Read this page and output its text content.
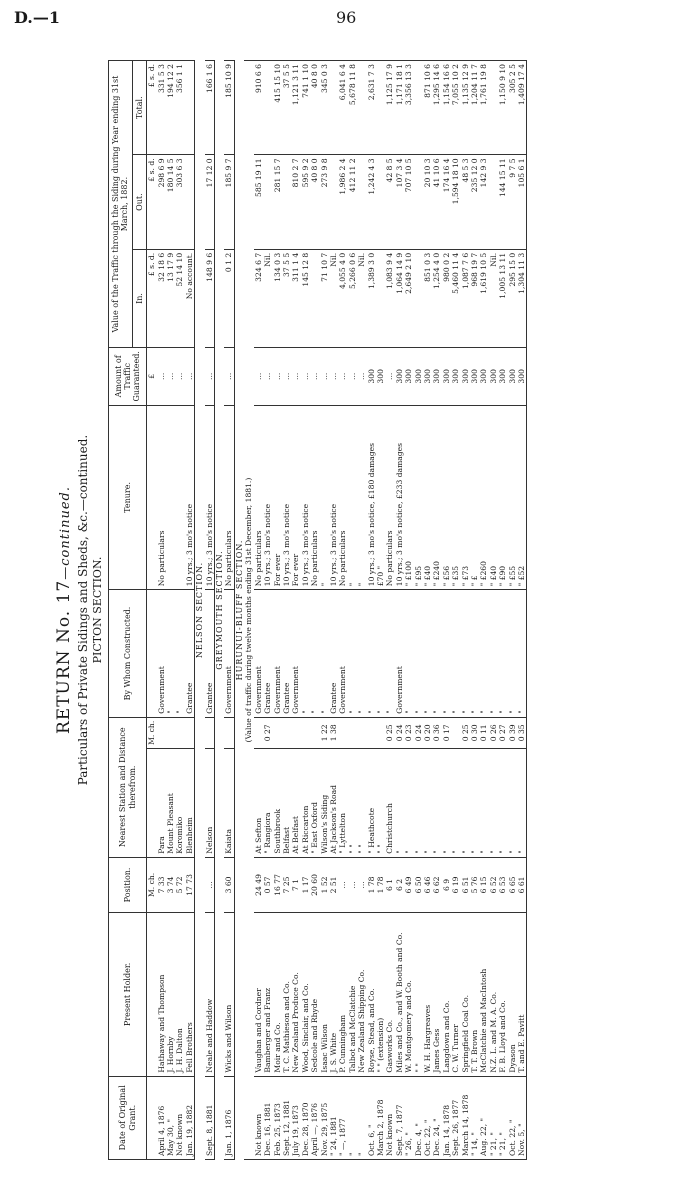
D.—1	96
RETURN No. 17—continued. Particulars of Private Sidings and Sheds, &c.—continued. PICTON SECTION.
Date of Original Grant.	Present Holder.	Position.	Nearest Station and Distance therefrom.		By Whom Constructed.	Tenure.	Amount of Traffic Guaranteed.	Value of the Traffic through the Siding during Year ending 31st March, 1882.		
								In.	Out.	Total.
		M. ch.		M. ch.			£	£ s. d.	£ s. d.	£ s. d.
April 4, 1876	Hathaway and Thompson	7 33	Para		Government	No particulars	...	32 18 6	298 6 9	331 5 3
May 30, "	J. Hornby	3 74	Mount Pleasant		"		...	13 17 9	180 14 5	194 12 2
Not known	J. H. Dalton	5 72	Koromiko		"		...	52 14 10	303 6 3	356 1 1
Jan. 19, 1882	Fell Brothers	17 73	Blenheim		Grantee	10 yrs.; 3 mo's notice	...	No account.		
NELSON SECTION.										
Sept. 8, 1881	Neale and Haddow	...	Nelson		Grantee	10 yrs.; 3 mo's notice	...	148 9 6	17 12 0	166 1 6
GREYMOUTH SECTION.										
Jan. 1, 1876	Wicks and Wilson	3 60	Kaiata		Government	No particulars	...	0 1 2	185 9 7	185 10 9
HURUNUI-BLUFF SECTION.										
(Value of traffic during twelve months ending 31st December, 1881.)										
Not known	Vaughan and Cordner	24 49	At Sefton		Government	No particulars	...	324 6 7	585 19 11	910 6 6
Dec. 16, 1881	Bamberger and Franz	0 57	" Rangiora	0 27	Grantee	10 yrs.; 3 mo's notice	...	Nil.		
Feb. 25, 1873	Moir and Co.	16 77	Southbrook		Government	For ever	...	134 0 3	281 15 7	415 15 10
Sept. 12, 1881	T. C. Mathieson and Co.	7 25	Belfast		Grantee	10 yrs.; 3 mo's notice	...	37 5 5		37 5 5
July 19, 1873	New Zealand Produce Co.	7 1	At Belfast		Government	For ever	...	311 1 4	810 2 7	1,121 3 11
Dec. 28, 1870	Wood, Sinclair, and Co.	1 17	At Riccarton		"	10 yrs.; 3 mo's notice	...	145 12 8	595 9 2	741 1 10
April —, 1876	Sedcole and Rhyde	20 60	" East Oxford		"	No particulars	...		40 8 0	40 8 0
Nov. 29, 1875	Isaac Wilson	1 52	Wilson's Siding	1 22	"	"	...	71 10 7	273 9 8	345 0 3
" 24, 1881	J. S. White	2 51	At Jackson's Road	1 38	Grantee	10 yrs.; 3 mo's notice	...	Nil.		
" —, 1877	P. Cunningham	...	" Lyttelton		Government	No particulars	...	4,055 4 0	1,986 2 4	6,041 6 4
"	Talbot and McClatchie	...	" "		"	"	...	5,266 0 6	412 11 2	5,678 11 8
"	New Zealand Shipping Co.	...	" "		"	"	...	Nil.		
Oct. 6, "	Royse, Stead, and Co.	1 78	" Heathcote		"	10 yrs.; 3 mo's notice, £180 damages	300	1,389 3 0	1,242 4 3	2,631 7 3
March 2, 1878	" " (extension)	1 78	" "		"	£70 "	300			
Not known	Gasworks Co.	6 1	Christchurch	0 25	"	No particulars	...	1,083 9 4	42 8 5	1,125 17 9
Sept. 7, 1877	Miles and Co., and W. Booth and Co.	6 2	"	0 24	Government	10 yrs.; 3 mo's notice, £233 damages	300	1,064 14 9	107 3 4	1,171 18 1
" 26, "	W. Montgomery and Co.	6 49	"	0 23	"	" £100	300	2,649 2 10	707 10 5	3,356 13 3
Dec. 4, "	" "	6 50	"	0 24	"	" £95	300			
Oct. 22, "	W. H. Hargreaves	6 46	"	0 20	"	" £40	300	851 0 3	20 10 3	871 10 6
Dec. 24, "	James Gess	6 62	"	0 36	"	" £240	300	1,254 4 0	41 10 6	1,295 14 6
Jan. 14, 1878	Langdown and Co.	6 9	"	0 17	"	" £56	300	980 0 2	174 16 4	1,154 16 6
Sept. 26, 1877	C. W. Turner	6 19	"		"	" £35	300	5,460 11 4	1,594 18 10	7,055 10 2
March 14, 1878	Springfield Coal Co.	6 51	"	0 25	"	" £73	300	1,087 7 6	48 5 3	1,135 12 9
" 14, "	T. T. Brown	5 76	"	0 30	"	" £	300	968 19 7	235 12 0	1,204 11 7
Aug. 22, "	McClatchie and MacIntosh	6 15	"	0 11	"	" £260	300	1,619 10 5	142 9 3	1,761 19 8
" 21, "	N.Z. L. and M. A. Co.	6 52	"	0 26	"	" £40	300	Nil.		
" 21, "	F. B. Lloyd and Co.	6 53	"	0 27	"	" £90	300	1,005 13 11	144 15 11	1,150 9 10
Oct. 22, "	Dyason	6 65	"	0 39	"	" £55	300	295 15 0	9 7 5	305 2 5
Nov. 5, "	T. and E. Pavitt	6 61	"	0 35	"	" £52	300	1,304 11 3	105 6 1	1,409 17 4
